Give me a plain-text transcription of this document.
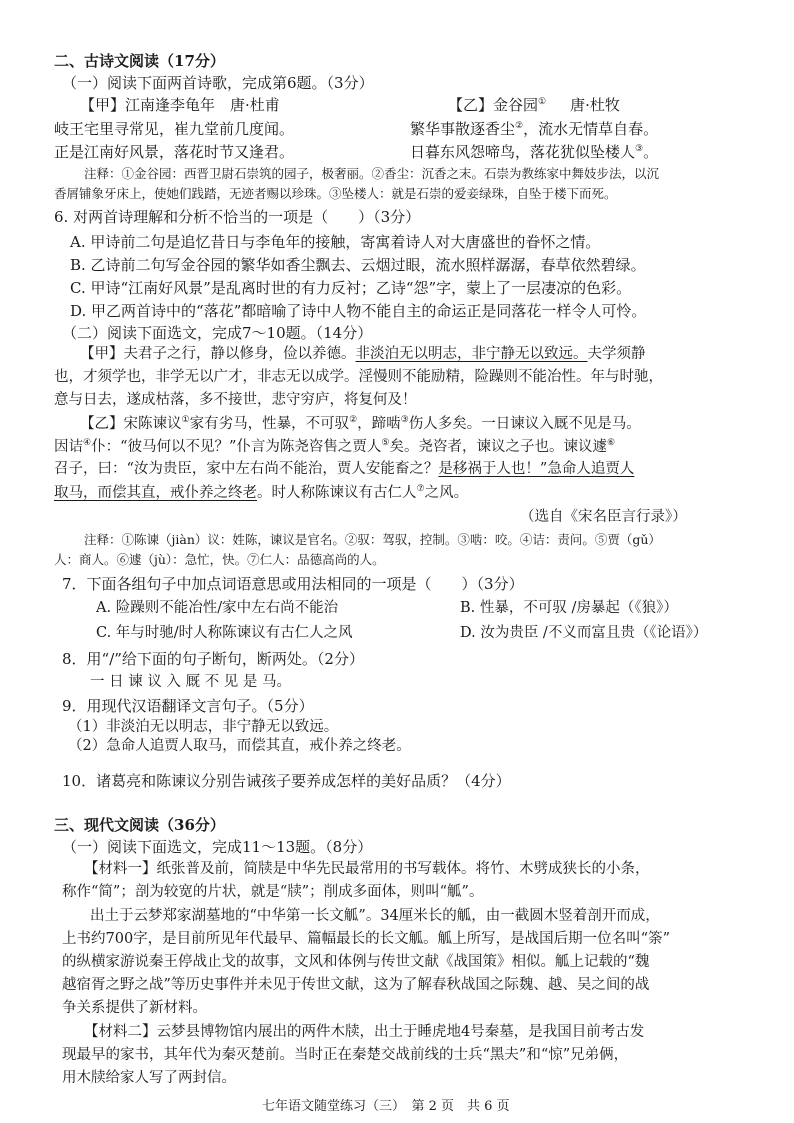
二、古诗文阅读（17分）
（一）阅读下面两首诗歌，完成第6题。（3分）
【甲】江南逢李龟年　唐·杜甫
岐王宅里寻常见，崔九堂前几度闻。
正是江南好风景，落花时节又逢君。
【乙】金谷园① 唐·杜牧
繁华事散逐香尘②，流水无情草自春。
日暮东风怨啼鸟，落花犹似坠楼人③。
注释：①金谷园：西晋卫尉石崇筑的园子，极奢丽。②香尘：沉香之末。石崇为教练家中舞妓步法，以沉
香屑铺象牙床上，使她们践踏，无迹者赐以珍珠。③坠楼人：就是石崇的爱妾绿珠，自坠于楼下而死。
6. 对两首诗理解和分析不恰当的一项是（　　）（3分）
A. 甲诗前二句是追忆昔日与李龟年的接触，寄寓着诗人对大唐盛世的眷怀之情。
B. 乙诗前二句写金谷园的繁华如香尘飘去、云烟过眼，流水照样潺潺，春草依然碧绿。
C. 甲诗“江南好风景”是乱离时世的有力反衬；乙诗“怨”字，蒙上了一层凄凉的色彩。
D. 甲乙两首诗中的“落花”都暗喻了诗中人物不能自主的命运正是同落花一样令人可怜。
（二）阅读下面选文，完成7～10题。（14分）
【甲】夫君子之行，静以修身，俭以养德。非淡泊无以明志，非宁静无以致远。夫学须静
也，才须学也，非学无以广才，非志无以成学。淫慢则不能励精，险躁则不能冶性。年与时驰，
意与日去，遂成枯落，多不接世，悲守穷庐，将复何及！
【乙】宋陈谏议①家有劣马，性暴，不可驭②，蹄啮③伤人多矣。一日谏议入厩不见是马。
因诘④仆：“彼马何以不见？”仆言为陈尧咨售之贾人⑤矣。尧咨者，谏议之子也。谏议遽⑥
召子，曰：“汝为贵臣，家中左右尚不能治，贾人安能畜之？是移祸于人也！”急命人追贾人
取马，而偿其直，戒仆养之终老。时人称陈谏议有古仁人⑦之风。
（选自《宋名臣言行录》）
注释：①陈谏（jiàn）议：姓陈，谏议是官名。②驭：驾驭，控制。③啮：咬。④诘：责问。⑤贾（gǔ）
人：商人。⑥遽（jù）：急忙，快。⑦仁人：品德高尚的人。
7．下面各组句子中加点词语意思或用法相同的一项是（　　）（3分）
A. 险躁则不能冶性/家中左右尚不能治	B. 性暴，不可驭 /房暴起（《狼》）
C. 年与时驰/时人称陈谏议有古仁人之风	D. 汝为贵臣 /不义而富且贵（《论语》）
8．用“/”给下面的句子断句，断两处。（2分）
一 日 谏 议 入 厩 不 见 是 马。
9．用现代汉语翻译文言句子。（5分）
（1）非淡泊无以明志，非宁静无以致远。
（2）急命人追贾人取马，而偿其直，戒仆养之终老。
10．诸葛亮和陈谏议分别告诫孩子要养成怎样的美好品质？（4分）
三、现代文阅读（36分）
（一）阅读下面选文，完成11～13题。（8分）
【材料一】纸张普及前，简牍是中华先民最常用的书写载体。将竹、木劈成狭长的小条，
称作“简”；剖为较宽的片状，就是“牍”；削成多面体，则叫“觚”。
出土于云梦郑家湖墓地的“中华第一长文觚”。34厘米长的觚，由一截圆木竖着剖开而成，
上书约700字，是目前所见年代最早、篇幅最长的长文觚。觚上所写，是战国后期一位名叫“筡”
的纵横家游说秦王停战止戈的故事，文风和体例与传世文献《战国策》相似。觚上记载的“魏
越宿胥之野之战”等历史事件并未见于传世文献，这为了解春秋战国之际魏、越、吴之间的战
争关系提供了新材料。
【材料二】云梦县博物馆内展出的两件木牍，出土于睡虎地4号秦墓，是我国目前考古发
现最早的家书，其年代为秦灭楚前。当时正在秦楚交战前线的士兵“黑夫”和“惊”兄弟俩，
用木牍给家人写了两封信。
七年语文随堂练习（三）　第 2 页　共 6 页
